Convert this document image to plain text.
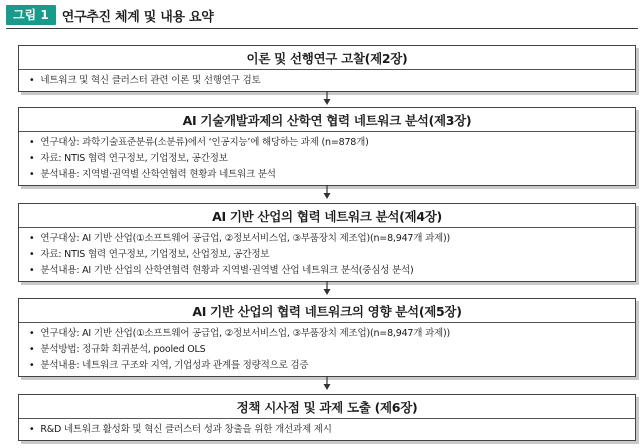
그림 1	연구추진 체계 및 내용 요약
이론 및 선행연구 고찰(제2장)
• 네트워크 및 혁신 클러스터 관련 이론 및 선행연구 검토
AI 기술개발과제의 산학연 협력 네트워크 분석(제3장)
• 연구대상: 과학기술표준분류(소분류)에서 ‘인공지능’에 해당하는 과제 (n=878개)
• 자료: NTIS 협력 연구정보, 기업정보, 공간정보
• 분석내용: 지역별·권역별 산학연협력 현황과 네트워크 분석
AI 기반 산업의 협력 네트워크 분석(제4장)
• 연구대상: AI 기반 산업(①소프트웨어 공급업, ②정보서비스업, ③부품장치 제조업)(n=8,947개 과제))
• 자료: NTIS 협력 연구정보, 기업정보, 산업정보, 공간정보
• 분석내용: AI 기반 산업의 산학연협력 현황과 지역별·권역별 산업 네트워크 분석(중심성 분석)
AI 기반 산업의 협력 네트워크의 영향 분석(제5장)
• 연구대상: AI 기반 산업(①소프트웨어 공급업, ②정보서비스업, ③부품장치 제조업)(n=8,947개 과제))
• 분석방법: 정규화 회귀분석, pooled OLS
• 분석내용: 네트워크 구조와 지역, 기업성과 관계를 정량적으로 검증
정책 시사점 및 과제 도출 (제6장)
• R&D 네트워크 활성화 및 혁신 클러스터 성과 창출을 위한 개선과제 제시
